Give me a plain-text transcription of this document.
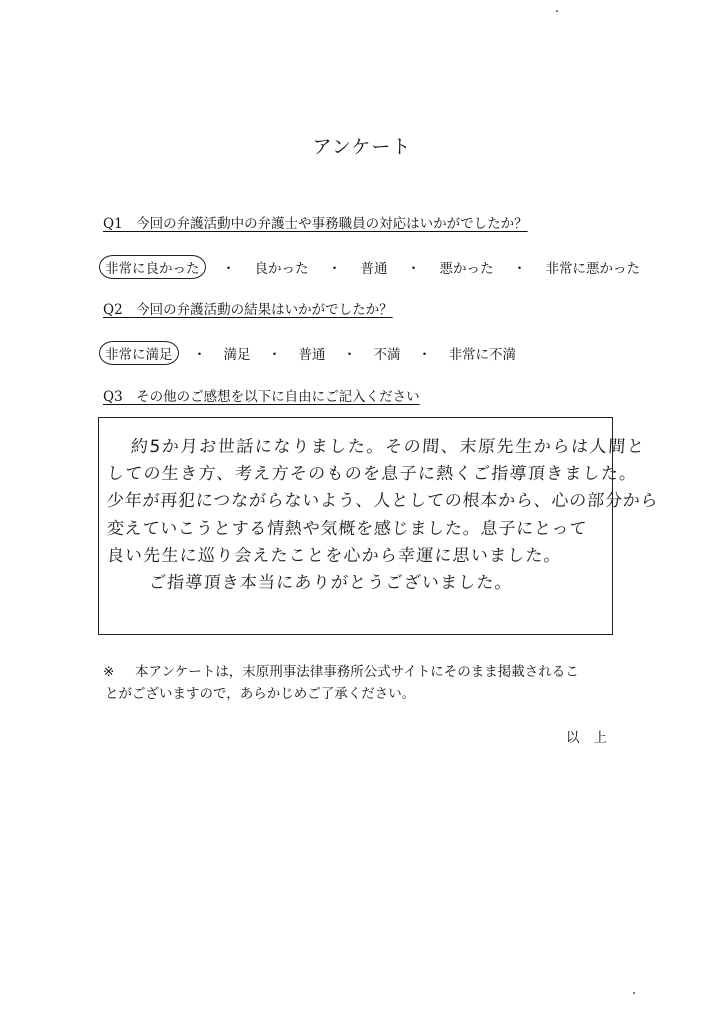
アンケート
Q1　今回の弁護活動中の弁護士や事務職員の対応はいかがでしたか？
非常に良かった	・	良かった	・	普通	・	悪かった	・	非常に悪かった
Q2　今回の弁護活動の結果はいかがでしたか？
非常に満足	・	満足	・	普通	・	不満	・	非常に不満
Q3　その他のご感想を以下に自由にご記入ください
約5か月お世話になりました。その間、末原先生からは人間と
しての生き方、考え方そのものを息子に熱くご指導頂きました。
少年が再犯につながらないよう、人としての根本から、心の部分から
変えていこうとする情熱や気概を感じました。息子にとって
良い先生に巡り会えたことを心から幸運に思いました。
ご指導頂き本当にありがとうございました。
※ 本アンケートは，末原刑事法律事務所公式サイトにそのまま掲載されるこ
とがございますので，あらかじめご了承ください。
以上
